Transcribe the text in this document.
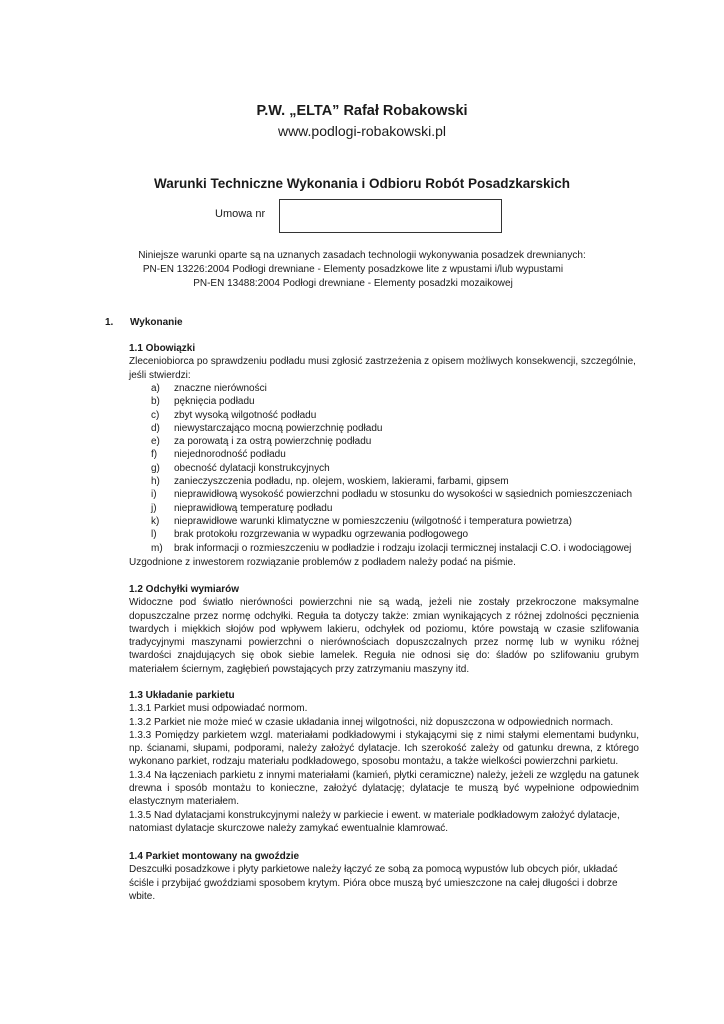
P.W. „ELTA” Rafał Robakowski
www.podlogi-robakowski.pl
Warunki Techniczne Wykonania i Odbioru Robót Posadzkarskich
Umowa nr
Niniejsze warunki oparte są na uznanych zasadach technologii wykonywania posadzek drewnianych:
PN-EN 13226:2004 Podłogi drewniane - Elementy posadzkowe lite z wpustami i/lub wypustami
PN-EN 13488:2004 Podłogi drewniane - Elementy posadzki mozaikowej
1. Wykonanie
1.1 Obowiązki
Zleceniobiorca po sprawdzeniu podładu musi zgłosić zastrzeżenia z opisem możliwych konsekwencji, szczególnie, jeśli stwierdzi:
a) znaczne nierówności
b) pęknięcia podładu
c) zbyt wysoką wilgotność podładu
d) niewystarczająco mocną powierzchnię podładu
e) za porowatą i za ostrą powierzchnię podładu
f) niejednorodność podładu
g) obecność dylatacji konstrukcyjnych
h) zanieczyszczenia podładu, np. olejem, woskiem, lakierami, farbami, gipsem
i) nieprawidłową wysokość powierzchni podładu w stosunku do wysokości w sąsiednich pomieszczeniach
j) nieprawidłową temperaturę podładu
k) nieprawidłowe warunki klimatyczne w pomieszczeniu (wilgotność i temperatura powietrza)
l) brak protokołu rozgrzewania w wypadku ogrzewania podłogowego
m) brak informacji o rozmieszczeniu w podładzie i rodzaju izolacji termicznej instalacji C.O. i wodociągowej
Uzgodnione z inwestorem rozwiązanie problemów z podładem należy podać na piśmie.
1.2 Odchyłki wymiarów
Widoczne pod światło nierówności powierzchni nie są wadą, jeżeli nie zostały przekroczone maksymalne dopuszczalne przez normę odchyłki. Reguła ta dotyczy także: zmian wynikających z różnej zdolności pęcznienia twardych i miękkich słojów pod wpływem lakieru, odchyłek od poziomu, które powstają w czasie szlifowania tradycyjnymi maszynami powierzchni o nierównościach dopuszczalnych przez normę lub w wyniku różnej twardości znajdujących się obok siebie lamelek. Reguła nie odnosi się do: śladów po szlifowaniu grubym materiałem ściernym, zagłębień powstających przy zatrzymaniu maszyny itd.
1.3 Układanie parkietu
1.3.1 Parkiet musi odpowiadać normom.
1.3.2 Parkiet nie może mieć w czasie układania innej wilgotności, niż dopuszczona w odpowiednich normach.
1.3.3 Pomiędzy parkietem wzgl. materiałami podkładowymi i stykającymi się z nimi stałymi elementami budynku, np. ścianami, słupami, podporami, należy założyć dylatacje. Ich szerokość zależy od gatunku drewna, z którego wykonano parkiet, rodzaju materiału podkładowego, sposobu montażu, a także wielkości powierzchni parkietu.
1.3.4 Na łączeniach parkietu z innymi materiałami (kamień, płytki ceramiczne) należy, jeżeli ze względu na gatunek drewna i sposób montażu to konieczne, założyć dylatację; dylatacje te muszą być wypełnione odpowiednim elastycznym materiałem.
1.3.5 Nad dylatacjami konstrukcyjnymi należy w parkiecie i ewent. w materiale podkładowym założyć dylatacje, natomiast dylatacje skurczowe należy zamykać ewentualnie klamrować.
1.4 Parkiet montowany na gwoździe
Deszcułki posadzkowe i płyty parkietowe należy łączyć ze sobą za pomocą wypustów lub obcych piór, układać ściśle i przybijać gwoździami sposobem krytym. Pióra obce muszą być umieszczone na całej długości i dobrze wbite.
